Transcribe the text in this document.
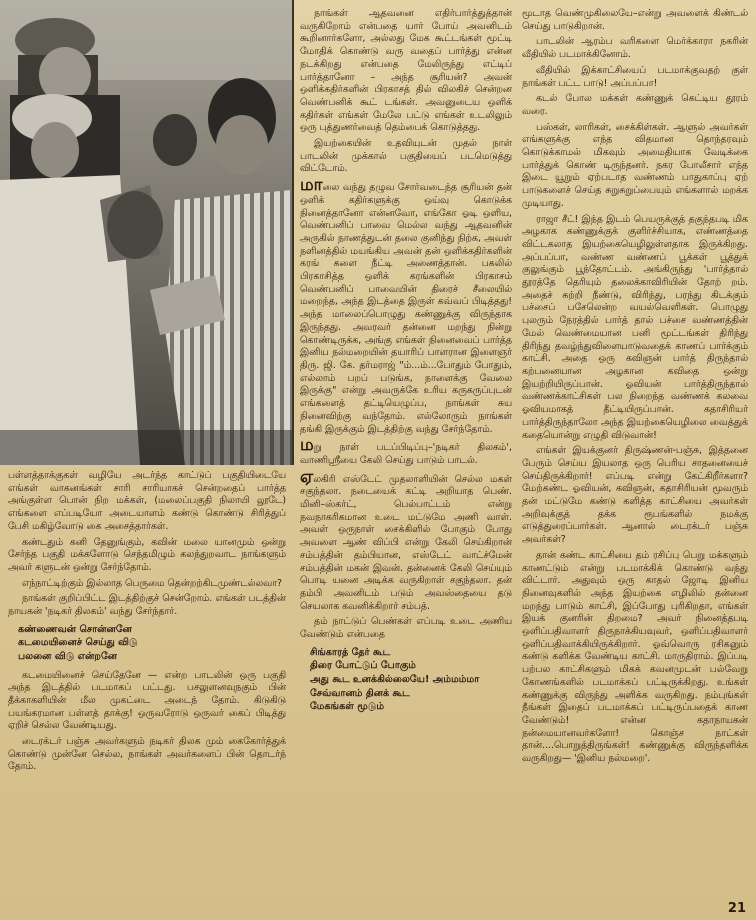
பள்ளத்தாக்குகள் வழியே அடர்ந்த காட்டுப் பகுதியிடையே எங்கள் வாகனங்கள் சாரி சாரியாகச் சென்றதைப் பார்த்த அங்குள்ள பொன் நிற மக்கள், (மலைப்பகுதி நிலாயி லூடே) எங்களை எப்படியோ அடையாளம் கண்டு கொண்டு சிரித்துப் பேசி மகிழ்வோடு கை அசைத்தார்கள்.

கண்டதும் கனி தேனுங்கும், கவின் மலை யானமும் ஒன்று சேர்ந்த பகுதி மக்களோடு செந்தமிழும் கலந்துறவாட நாங்களும் அவர் களுடன் ஒன்று சேர்ந்தோம்.

எந்நாட்டிற்கும் இல்லாத பெருமை தென்றற்கிடமுண்டல்லவா?

நாங்கள் குறிப்பிட்ட இடத்திற்குச் சென்றோம். எங்கள் படத்தின் நாயகன் 'நடிகர் திலகம்' வந்து சேர்ந்தார்.

கண்ணைவன் சொன்னனே
கடமையினைச் செய்து விடு
பலனை விடு என்றனே

கடமையினைச் செய்தேனே — என்ற பாடலின் ஒரு பகுதி அந்த இடத்தில் படமாகப் பட்டது. பசலுளனவுநகும் பின் தீக்காகளியின் மீல முகட்டை அடைந் தோம். கிடுகிடு பயங்கரமான பள்ளத் தாக்கு! ஒருவரோடு ஒருவர் கைப் பிடித்து ஏறிச் செல்ல வேண்டியது.

டைரக்டர் பஞ்சு அவர்களும் நடிகர் திலக மும் கைகோர்த்துக் கொண்டு முன்னே செல்ல, நாங்கள் அவர்களைப் பின் தொடர்ந் தோம்.

நாங்கள் ஆதவனை எதிர்பார்த்துத்தான் வருகிறோம் என்பதை யார் போய் அவனிடம் கூறினார்களோ, அல்லது மேக கூட்டங்கள் மூட்டி மோதிக் கொண்டு வரு வதைப் பார்த்து என்ன நடக்கிறது என்பதை மேலிருந்து எட்டிப் பார்த்தானோ – அந்த சூரியன்? அவன் ஒளிக்கதிர்களின் பிரகாசத் தில் விலகிச் சென்றன வெண்பனிக் கூட் டங்கள். அவனுடைய ஒளிக் கதிர்கள் எங்கள் மேலே பட்டு எங்கள் உடலிலும் ஒரு புத்துணர்வைத் தெம்பைக் கொடுத்தது.

இயற்கையின் உதவியுடன் முதல் நாள் பாடலின் முக்கால் பகுதியைப் படமெடுத்து விட்டோம்.

மாலை வந்து தழுவ சோர்வடைந்த சூரியன் தன் ஒளிக் கதிர்களுக்கு ஒய்வு கொடுக்க நினைத்தானோ என்னவோ, எங்கோ ஓடி ஒளிய, வெண்பனிப் பாவை மெல்ல வந்து ஆதவனின் அருகில் நாணத்துடன் தலை குனிந்து நிற்க, அவள் நளினத்தில் மயங்கிய அவன் தன் ஒளிக்கதிர்களின் கரங் களை நீட்டி அணைத்தான். பகலில் பிரகாசித்த ஒளிக் கரங்களின் பிரகாசம் வெண்பனிப் பாவையின் திரைச் சீலையில் மறைந்த, அந்த இடத்தை இருள் கவ்வப் பிடித்தது! அந்த மாலைப்பொழுது கண்ணுக்கு விருந்தாக இருந்தது. அவரவர் தன்னை மறந்து நின்று கொண்டிருக்க, அங்கு எங்கள் நினைவைப் பார்த்த இனிய நல்மறையின் தயாரிப் பாளரான இளைஞர் திரு. ஜி. கே. தர்மராஜ் "ம்...ம்...போதும் போதும், எல்லாம் பறப் படுங்க, நாளைக்கு வேலை இருக்கு" என்று அவருக்கே உரிய கருகருப்புடன் எங்களைத் தட்டியெழுப்ப, நாங்கள் சுய நினைவிற்கு வந்தோம். எல்லோரும் நாங்கள் தங்கி இருக்கும் இடத்திற்கு வந்து சேர்ந்தோம்.

மறு நாள் படப்பிடிப்பு–'நடிகர் திலகம்', வாணிஸ்ரீயை கேலி செய்து பாடும் பாடல்.

ஏலகிரி எஸ்டேட் முதலாளியின் செல்ல மகள் சகுந்தலா. நடையைக் கட்டி அறியாத பெண். மினி–ஸ்கர்ட், பெல்பாட்டம் என்று நவநாகரிகமான உடை மட்டுமே அணி வாள். அவள் ஒருநாள் சைக்கிளில் போகும் போது அவளை ஆண் விப்பி என்று கேலி செய்கிறான் சம்பத்தின் தம்பியான, எஸ்டேட் வாட்ச்மேன் சம்பத்தின் மகன் இவன். தன்னைக் கேலி செய்யும் பொடி யனை அடிக்க வருகிறாள் சகுந்தலா. தன் தம்பி அவனிடம் படும் அவஸ்தையை தடு செயலாக கவனிக்கிறார் சம்பத்.

தம் நாட்டுப் பெண்கள் எப்படி உடை அணிய வேண்டும் என்பதை

சிங்காரத் தேர் கூட
திரை போட்டுப் போகும்
அது கூட உனக்கில்லையே! அம்மம்மா
சேவ்வானம் தினக் கூட
மேகங்கள் மூடும்

மூடாத வெண்முகிலையே–என்று அவளைக் கிண்டல் செய்து பாடுகிறான்.

பாடலின் ஆரம்ப வரிகளை மெர்க்காரா நகரின் வீதியில் படமாக்கினோம்.

வீதியில் இக்காட்சியைப் படமாக்குவதற் குள் நாங்கள் பட்ட பாடு! அப்பப்பா!

கடல் போல மக்கள் கண்ணுக் கெட்டிய தூரம் வரை.

பஸ்கள், லாரிகள், சைக்கிள்கள். ஆளுல் அவர்கள் எங்களுக்கு எந்த விதமான தொந்தரவும் கொடுக்காமல் மிகவும் அமைதியாக வேடிக்கை பார்த்துக் கொண் டிருந்தனர். நகர போலீசார் எந்த இடை யூறும் ஏற்படாத வண்ணம் பாதுகாப்பு ஏற் பாடுகளைச் செய்த சுறுசுறுப்பையும் எங்களால் மறக்க முடியாது.

ராஜா சீட்! இந்த இடம் பெயருக்குத் தகுந்தபடி மிக அழகாக கண்ணுக்குக் குளிர்ச்சியாக, எண்ணத்தை விட்டகலாத இயற்கையெழிலுள்ளதாக இருக்கிறது. அப்பப்பா, வண்ண வண்ணப் பூக்கள் பூத்துக் குலுங்கும் பூந்தோட்டம். அங்கிருந்து 'பார்த்தால் தூரத்தே தெரியும் தலைக்காவிரியின் தோற் றம். அதைச் சுற்றி நீண்டு, விரிந்து, பரந்து கிடக்கும் பச்சைப் பசேலென்ற வயல்வெளிகள். பொழுது புலரும் நேரத்தில் பார்த் தால் பச்சை வண்ணத்தின் மேல் வெண்மையான பனி மூட்டங்கள் திரிந்து திரிந்து தவழ்ந்துவிளையாடுவதைக் காணப் பார்க்கும் காட்சி. அதை ஒரு கவிஞன் பார்த் திருந்தால் கற்பனையான அழகான கவிதை ஒன்று இயற்றியிருப்பான். ஓவியன் பார்த்திருந்தால் வண்ணக்காட்சிகள் பல நிறைந்த வண்ணக் கலவை ஓவியமாகத் தீட்டியிருப்பான். கதாசிரியர் பார்த்திருந்தாலோ அந்த இயற்கையெழிலை வைத்துக் கதையொன்று எழுதி விடுவான்!

எங்கள் இயக்குனர் திருஷ்ணன்-பஞ்சு, இத்தனை பேரும் செய்ய இயலாத ஒரு பெரிய சாதனையைச் செய்திருக்கிறார்! எப்படி என்று கேட்கிறீர்களா? மேற்கண்ட ஓவியன், கவிஞன், கதாசிரியன் மூவரும் தன் மட்டுமே கண்டு களித்த காட்சியை அவர்கள் அறிவுக்குத் தக்க ரூபங்களில் நமக்கு எடுத்துரைப்பார்கள். ஆனால் டைரக்டர் பஞ்சு அவர்கள்?

தான் கண்ட காட்சியை தம் ரசிப்பு பெறு மக்களும் காணட்டும் என்று படமாக்கிக் கொண்டு வந்து விட்டார். அதுவும் ஒரு காதல் ஜோடி இனிய நினைவுகளில் அந்த இயற்கை எழிலில் தன்னை மறந்து பாடும் காட்சி, இப்போது புரிகிறதா, எங்கள் இயக் குனரின் திறமை? அவர் நினைத்தபடி ஒளிப்பதிவாளர் திருநாக்கியவுவர், ஒளிப்பதிவாளர் ஒளிப்பதிவாக்கியிருக்கிறார். ஓவ்வொரு ரசிகனும் கண்டு களிக்க வேண்டிய காட்சி. மாருதிராம். இப்படி பற்பல காட்சிகளும் மிகக் கவனமுடன் பல்வேறு கோணங்களில் படமாக்கப் பட்டிருக்கிறது. உங்கள் கண்ணுக்கு விருந்து அளிக்க வருகிறது. நம்புங்கள் நீங்கள் இதைப் படமாக்கப் பட்டிருப்பதைக் காண வேண்டும்! என்ன கதாநாயகன் நன்மையானவர்களோ! கொஞ்ச நாட்கள் தான்....பொறுத்திருங்கள்! கண்ணுக்கு விருந்தளிக்க வருகிறது— 'இனிய நல்மறை'.

21
